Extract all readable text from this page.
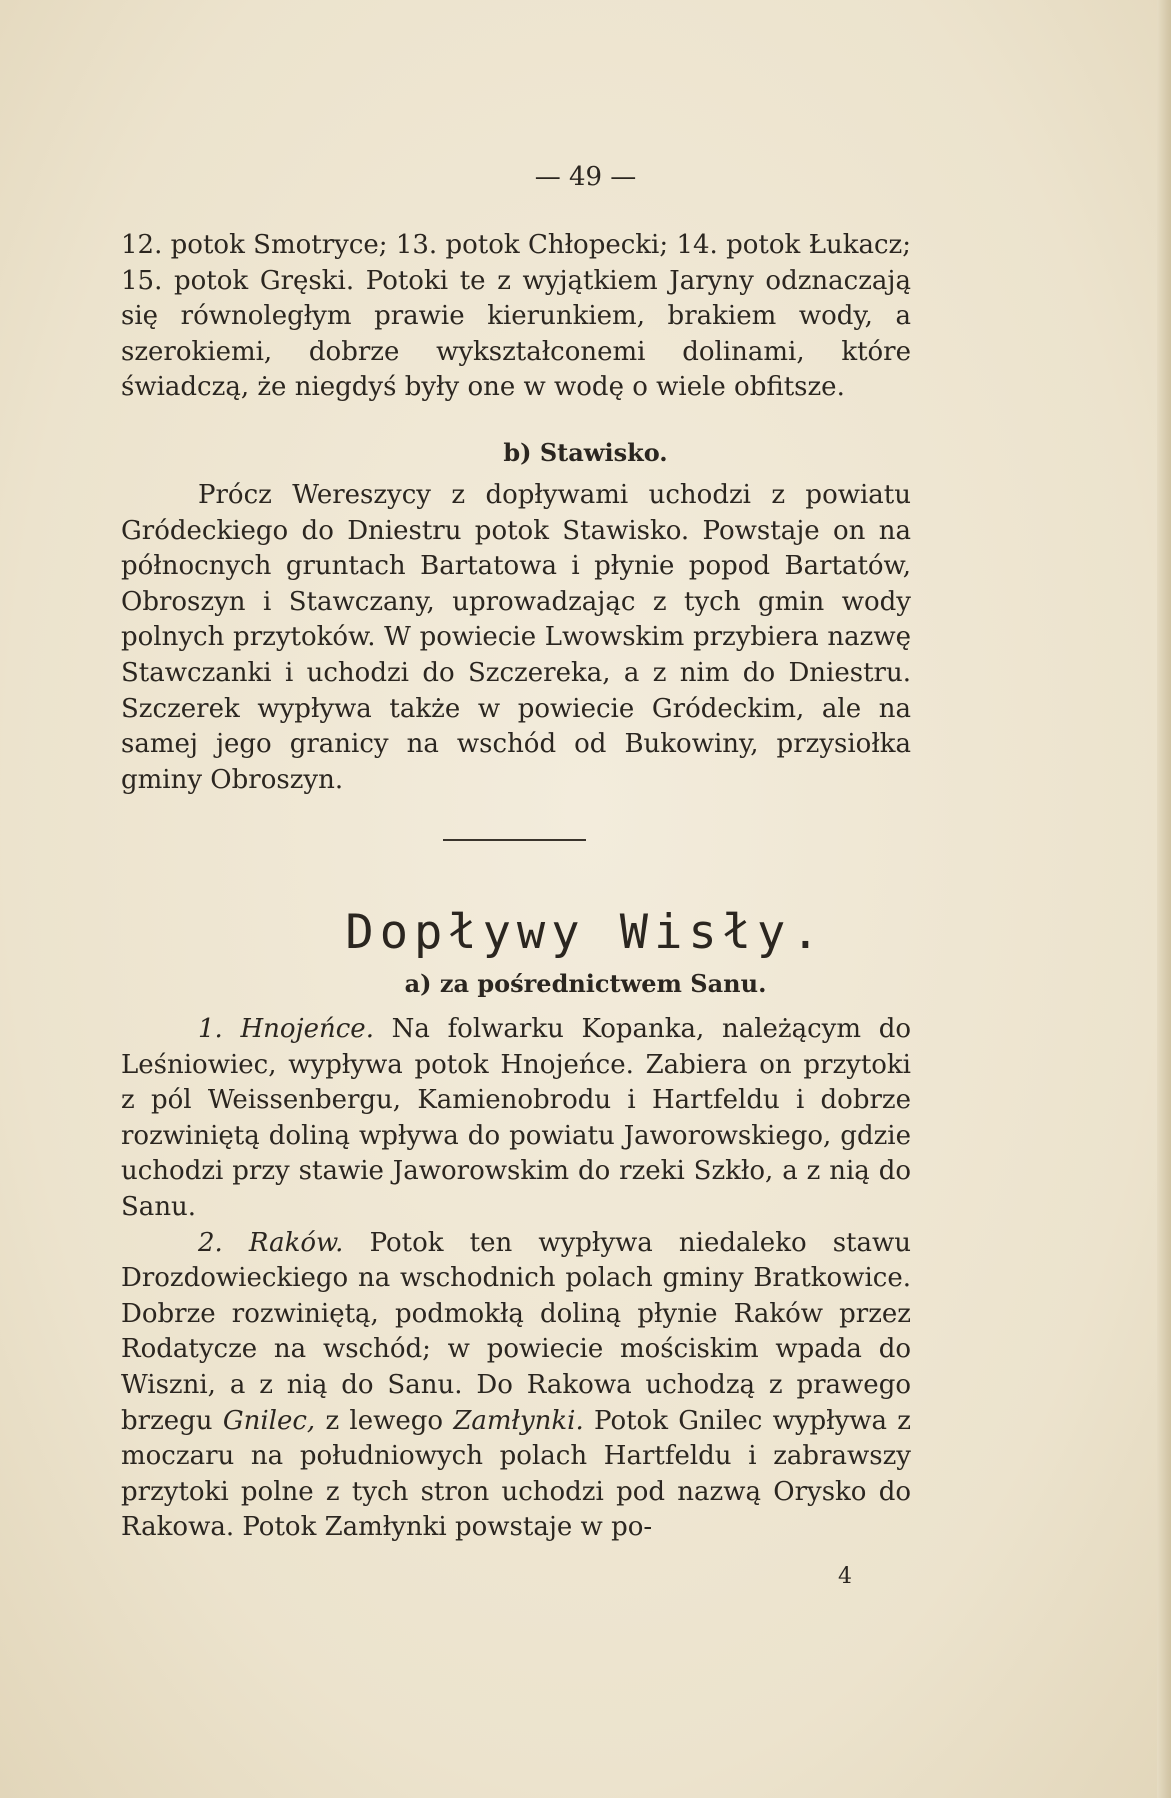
— 49 —

12. potok Smotryce; 13. potok Chłopecki; 14. potok Łukacz; 15. potok Gręski. Potoki te z wyjątkiem Jaryny odznaczają się równoległym prawie kierunkiem, brakiem wody, a szerokiemi, dobrze wykształconemi dolinami, które świadczą, że niegdyś były one w wodę o wiele obfitsze.

b) Stawisko.

Prócz Wereszycy z dopływami uchodzi z powiatu Gródeckiego do Dniestru potok Stawisko. Powstaje on na północnych gruntach Bartatowa i płynie popod Bartatów, Obroszyn i Stawczany, uprowadzając z tych gmin wody polnych przytoków. W powiecie Lwowskim przybiera nazwę Stawczanki i uchodzi do Szczereka, a z nim do Dniestru. Szczerek wypływa także w powiecie Gródeckim, ale na samej jego granicy na wschód od Bukowiny, przysiołka gminy Obroszyn.

Dopływy Wisły.
a) za pośrednictwem Sanu.

1. Hnojeńce. Na folwarku Kopanka, należącym do Leśniowiec, wypływa potok Hnojeńce. Zabiera on przytoki z pól Weissenbergu, Kamienobrodu i Hartfeldu i dobrze rozwiniętą doliną wpływa do powiatu Jaworowskiego, gdzie uchodzi przy stawie Jaworowskim do rzeki Szkło, a z nią do Sanu.

2. Raków. Potok ten wypływa niedaleko stawu Drozdowieckiego na wschodnich polach gminy Bratkowice. Dobrze rozwiniętą, podmokłą doliną płynie Raków przez Rodatycze na wschód; w powiecie mościskim wpada do Wiszni, a z nią do Sanu. Do Rakowa uchodzą z prawego brzegu Gnilec, z lewego Zamłynki. Potok Gnilec wypływa z moczaru na południowych polach Hartfeldu i zabrawszy przytoki polne z tych stron uchodzi pod nazwą Orysko do Rakowa. Potok Zamłynki powstaje w po-

4
